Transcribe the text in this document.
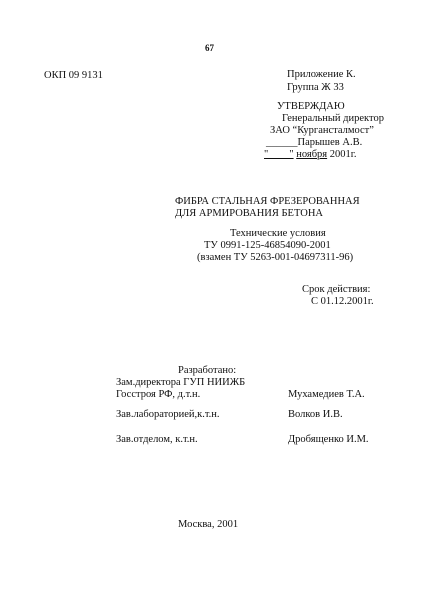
67
ОКП 09 9131	Приложение К.
Группа Ж 33
УТВЕРЖДАЮ
Генеральный директор
ЗАО “Кургансталмост”
______Парышев А.В.
"____" ноября 2001г.
ФИБРА СТАЛЬНАЯ ФРЕЗЕРОВАННАЯ
ДЛЯ АРМИРОВАНИЯ БЕТОНА
Технические условия
ТУ 0991-125-46854090-2001
(взамен ТУ 5263-001-04697311-96)
Срок действия:
С 01.12.2001г.
Разработано:
Зам.директора ГУП НИИЖБ
Госстроя РФ, д.т.н.	Мухамедиев Т.А.
Зав.лабораторией,к.т.н.	Волков И.В.
Зав.отделом, к.т.н.	Дробященко И.М.
Москва, 2001
